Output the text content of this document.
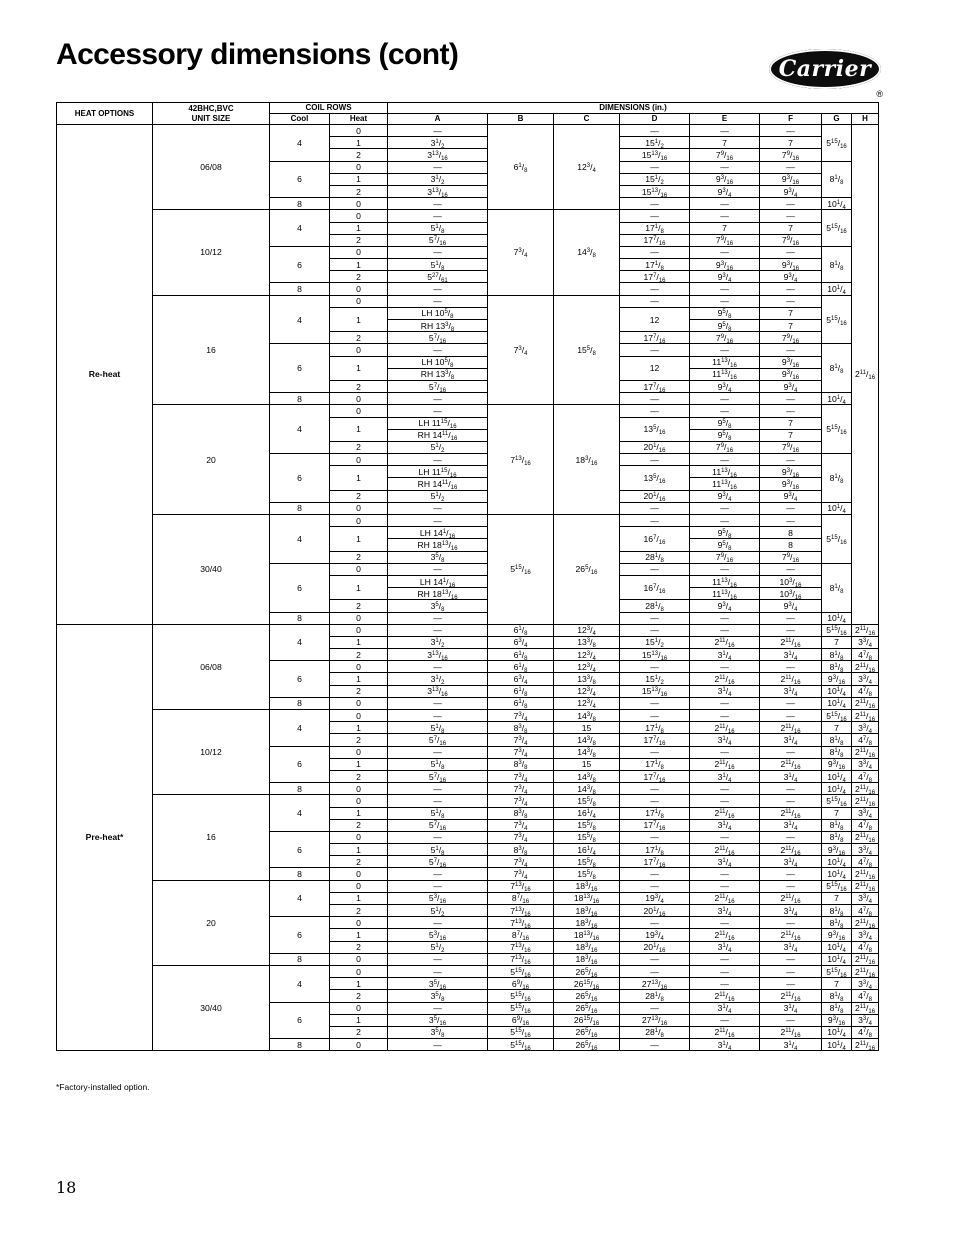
Accessory dimensions (cont)	Carrier
®
HEAT OPTIONS	42BHC,BVC
UNIT SIZE	COIL ROWS		DIMENSIONS (in.)							
		Cool	Heat	A	B	C	D	E	F	G	H
Re-heat	06/08	4	0	—	$6^1/_8$	$12^3/_4$	—	—	—	$5^{15}/_{16}$	$2^{11}/_{16}$
			1	$3^1/_2$			$15^1/_2$	7	7		
			2	$3^{13}/_{16}$			$15^{13}/_{16}$	$7^9/_{16}$	$7^9/_{16}$
		6	0	—			—	—	—	$8^1/_8$
			1	$3^1/_2$			$15^1/_2$	$9^3/_{16}$	$9^3/_{16}$
			2	$3^{13}/_{16}$			$15^{13}/_{16}$	$9^3/_4$	$9^3/_4$
		8	0	—			—	—	—	$10^1/_4$
	10/12	4	0	—	$7^3/_4$	$14^3/_8$	—	—	—	$5^{15}/_{16}$
			1	$5^1/_8$			$17^1/_8$	7	7		
			2	$5^7/_{16}$			$17^7/_{16}$	$7^9/_{16}$	$7^9/_{16}$
		6	0	—			—	—	—	$8^1/_8$
			1	$5^1/_8$			$17^1/_8$	$9^3/_{16}$	$9^3/_{16}$
			2	$5^{27}/_{61}$			$17^7/_{16}$	$9^3/_4$	$9^3/_4$
		8	0	—			—	—	—	$10^1/_4$
	16	4	0	—	$7^3/_4$	$15^5/_8$	—	—	—	$5^{15}/_{16}$
			1	LH $10^5/_8$			12	$9^5/_8$	7		
				RH $13^3/_8$				$9^5/_8$	7		
			2	$5^7/_{16}$			$17^7/_{16}$	$7^9/_{16}$	$7^9/_{16}$
		6	0	—			—	—	—	$8^1/_8$
			1	LH $10^5/_8$			12	$11^{13}/_{16}$	$9^3/_{16}$
				RH $13^3/_8$				$11^{13}/_{16}$	$9^3/_{16}$
			2	$5^7/_{16}$			$17^7/_{16}$	$9^3/_4$	$9^3/_4$
		8	0	—			—	—	—	$10^1/_4$
	20	4	0	—	$7^{13}/_{16}$	$18^3/_{16}$	—	—	—	$5^{15}/_{16}$
			1	LH $11^{15}/_{16}$			$13^5/_{16}$	$9^5/_8$	7		
				RH $14^{11}/_{16}$				$9^5/_8$	7		
			2	$5^1/_2$			$20^1/_{16}$	$7^9/_{16}$	$7^9/_{16}$
		6	0	—			—	—	—	$8^1/_8$
			1	LH $11^{15}/_{16}$			$13^5/_{16}$	$11^{13}/_{16}$	$9^3/_{16}$
				RH $14^{11}/_{16}$				$11^{13}/_{16}$	$9^3/_{16}$
			2	$5^1/_2$			$20^1/_{16}$	$9^3/_4$	$9^3/_4$
		8	0	—			—	—	—	$10^1/_4$
	30/40	4	0	—	$5^{15}/_{16}$	$26^5/_{16}$	—	—	—	$5^{15}/_{16}$
			1	LH $14^1/_{16}$			$16^7/_{16}$	$9^5/_8$	8		
				RH $18^{13}/_{16}$				$9^5/_8$	8		
			2	$3^5/_8$			$28^1/_8$	$7^9/_{16}$	$7^9/_{16}$
		6	0	—			—	—	—	$8^1/_8$
			1	LH $14^1/_{16}$			$16^7/_{16}$	$11^{13}/_{16}$	$10^3/_{16}$
				RH $18^{13}/_{16}$				$11^{13}/_{16}$	$10^3/_{16}$
			2	$3^5/_8$			$28^1/_8$	$9^3/_4$	$9^3/_4$
		8	0	—			—	—	—	$10^1/_4$
Pre-heat*	06/08	4	0	—	$6^1/_8$	$12^3/_4$	—	—	—	$5^{15}/_{16}$	$2^{11}/_{16}$
			1	$3^1/_2$	$6^3/_4$	$13^3/_8$	$15^1/_2$	$2^{11}/_{16}$	$2^{11}/_{16}$	7	$3^3/_4$
			2	$3^{13}/_{16}$	$6^1/_8$	$12^3/_4$	$15^{13}/_{16}$	$3^1/_4$	$3^1/_4$	$8^1/_8$	$4^7/_8$
		6	0	—	$6^1/_8$	$12^3/_4$	—	—	—	$8^1/_8$	$2^{11}/_{16}$
			1	$3^1/_2$	$6^3/_4$	$13^3/_8$	$15^1/_2$	$2^{11}/_{16}$	$2^{11}/_{16}$	$9^3/_{16}$	$3^3/_4$
			2	$3^{13}/_{16}$	$6^1/_8$	$12^3/_4$	$15^{13}/_{16}$	$3^1/_4$	$3^1/_4$	$10^1/_4$	$4^7/_8$
		8	0	—	$6^1/_8$	$12^3/_4$	—	—	—	$10^1/_4$	$2^{11}/_{16}$
	10/12	4	0	—	$7^3/_4$	$14^3/_8$	—	—	—	$5^{15}/_{16}$	$2^{11}/_{16}$
			1	$5^1/_8$	$8^3/_8$	15	$17^1/_8$	$2^{11}/_{16}$	$2^{11}/_{16}$	7	$3^3/_4$
			2	$5^7/_{16}$	$7^3/_4$	$14^3/_8$	$17^7/_{16}$	$3^1/_4$	$3^1/_4$	$8^1/_8$	$4^7/_8$
		6	0	—	$7^3/_4$	$14^3/_8$	—	—	—	$8^1/_8$	$2^{11}/_{16}$
			1	$5^1/_8$	$8^3/_8$	15	$17^1/_8$	$2^{11}/_{16}$	$2^{11}/_{16}$	$9^3/_{16}$	$3^3/_4$
			2	$5^7/_{16}$	$7^3/_4$	$14^3/_8$	$17^7/_{16}$	$3^1/_4$	$3^1/_4$	$10^1/_4$	$4^7/_8$
		8	0	—	$7^3/_4$	$14^3/_8$	—	—	—	$10^1/_4$	$2^{11}/_{16}$
	16	4	0	—	$7^3/_4$	$15^5/_8$	—	—	—	$5^{15}/_{16}$	$2^{11}/_{16}$
			1	$5^1/_8$	$8^3/_8$	$16^1/_4$	$17^1/_8$	$2^{11}/_{16}$	$2^{11}/_{16}$	7	$3^3/_4$
			2	$5^7/_{16}$	$7^3/_4$	$15^5/_8$	$17^7/_{16}$	$3^1/_4$	$3^1/_4$	$8^1/_8$	$4^7/_8$
		6	0	—	$7^3/_4$	$15^5/_8$	—	—	—	$8^1/_8$	$2^{11}/_{16}$
			1	$5^1/_8$	$8^3/_8$	$16^1/_4$	$17^1/_8$	$2^{11}/_{16}$	$2^{11}/_{16}$	$9^3/_{16}$	$3^3/_4$
			2	$5^7/_{16}$	$7^3/_4$	$15^5/_8$	$17^7/_{16}$	$3^1/_4$	$3^1/_4$	$10^1/_4$	$4^7/_8$
		8	0	—	$7^3/_4$	$15^5/_8$	—	—	—	$10^1/_4$	$2^{11}/_{16}$
	20	4	0	—	$7^{13}/_{16}$	$18^3/_{16}$	—	—	—	$5^{15}/_{16}$	$2^{11}/_{16}$
			1	$5^3/_{16}$	$8^7/_{16}$	$18^{13}/_{16}$	$19^3/_4$	$2^{11}/_{16}$	$2^{11}/_{16}$	7	$3^3/_4$
			2	$5^1/_2$	$7^{13}/_{16}$	$18^3/_{16}$	$20^1/_{16}$	$3^1/_4$	$3^1/_4$	$8^1/_8$	$4^7/_8$
		6	0	—	$7^{13}/_{16}$	$18^3/_{16}$	—	—	—	$8^1/_8$	$2^{11}/_{16}$
			1	$5^3/_{16}$	$8^7/_{16}$	$18^{13}/_{16}$	$19^3/_4$	$2^{11}/_{16}$	$2^{11}/_{16}$	$9^3/_{16}$	$3^3/_4$
			2	$5^1/_2$	$7^{13}/_{16}$	$18^3/_{16}$	$20^1/_{16}$	$3^1/_4$	$3^1/_4$	$10^1/_4$	$4^7/_8$
		8	0	—	$7^{13}/_{16}$	$18^3/_{16}$	—	—	—	$10^1/_4$	$2^{11}/_{16}$
	30/40	4	0	—	$5^{15}/_{16}$	$26^5/_{16}$	—	—	—	$5^{15}/_{16}$	$2^{11}/_{16}$
			1	$3^5/_{16}$	$6^9/_{16}$	$26^{15}/_{16}$	$27^{13}/_{16}$	—	—	7	$3^3/_4$
			2	$3^5/_8$	$5^{15}/_{16}$	$26^5/_{16}$	$28^1/_8$	$2^{11}/_{16}$	$2^{11}/_{16}$	$8^1/_8$	$4^7/_8$
		6	0	—	$5^{15}/_{16}$	$26^5/_{16}$	—	$3^1/_4$	$3^1/_4$	$8^1/_8$	$2^{11}/_{16}$
			1	$3^5/_{16}$	$6^9/_{16}$	$26^{15}/_{16}$	$27^{13}/_{16}$	—	—	$9^3/_{16}$	$3^3/_4$
			2	$3^5/_8$	$5^{15}/_{16}$	$26^5/_{16}$	$28^1/_8$	$2^{11}/_{16}$	$2^{11}/_{16}$	$10^1/_4$	$4^7/_8$
		8	0	—	$5^{15}/_{16}$	$26^5/_{16}$	—	$3^1/_4$	$3^1/_4$	$10^1/_4$	$2^{11}/_{16}$
*Factory-installed option.
18
